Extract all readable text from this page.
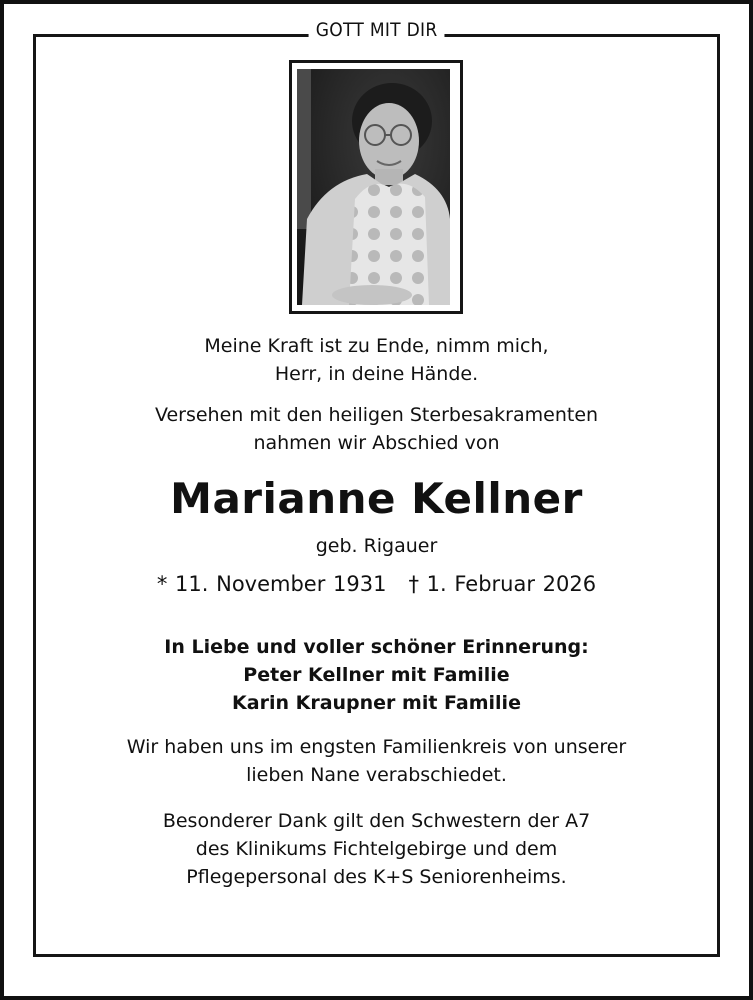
GOTT MIT DIR

Meine Kraft ist zu Ende, nimm mich,

Herr, in deine Hände.

Versehen mit den heiligen Sterbesakramenten

nahmen wir Abschied von

Marianne Kellner
geb. Rigauer
* 11. November 1931 † 1. Februar 2026

In Liebe und voller schöner Erinnerung:

Peter Kellner mit Familie

Karin Kraupner mit Familie

Wir haben uns im engsten Familienkreis von unserer

lieben Nane verabschiedet.

Besonderer Dank gilt den Schwestern der A7

des Klinikums Fichtelgebirge und dem

Pflegepersonal des K+S Seniorenheims.
